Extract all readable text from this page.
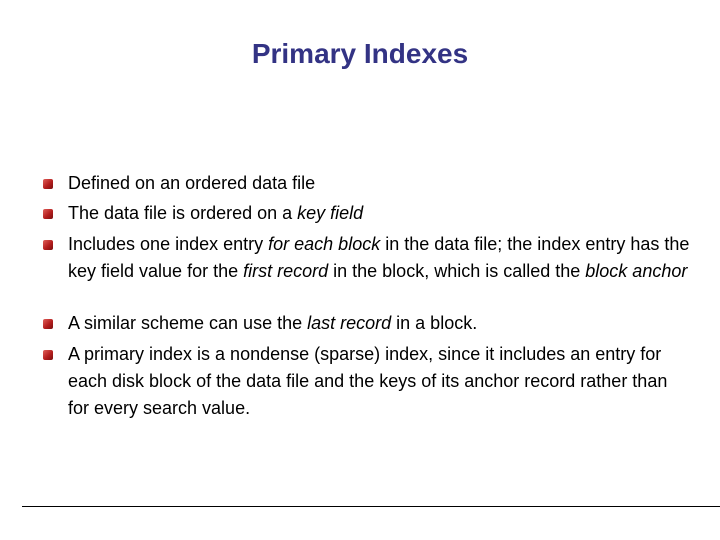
Primary Indexes
Defined on an ordered data file
The data file is ordered on a key field
Includes one index entry for each block in the data file; the index entry has the key field value for the first record in the block, which is called the block anchor
A similar scheme can use the last record in a block.
A primary index is a nondense (sparse) index, since it includes an entry for each disk block of the data file and the keys of its anchor record rather than for every search value.
